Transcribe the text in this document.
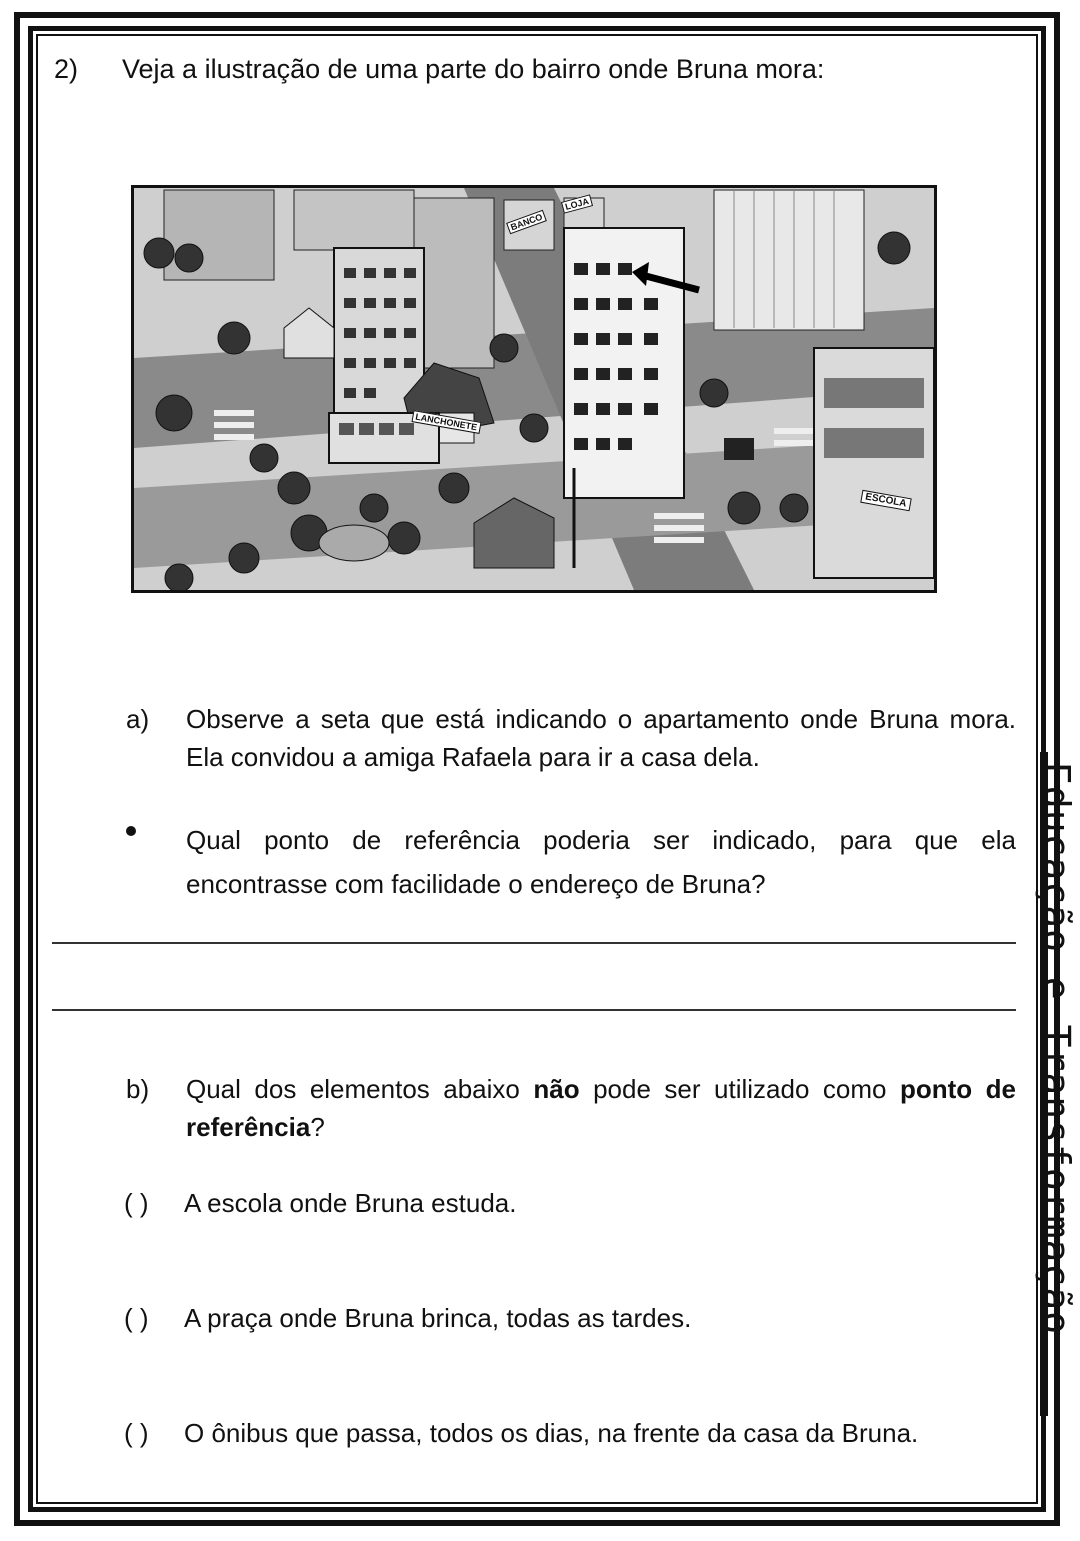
2) Veja a ilustração de uma parte do bairro onde Bruna mora:
BANCO
LOJA
LANCHONETE
ESCOLA
a) Observe a seta que está indicando o apartamento onde Bruna mora. Ela convidou a amiga Rafaela para ir a casa dela.
Qual ponto de referência poderia ser indicado, para que ela encontrasse com facilidade o endereço de Bruna?
b) Qual dos elementos abaixo não pode ser utilizado como ponto de referência?
( ) A escola onde Bruna estuda.
( ) A praça onde Bruna brinca, todas as tardes.
( ) O ônibus que passa, todos os dias, na frente da casa da Bruna.
Educação e Transformação
